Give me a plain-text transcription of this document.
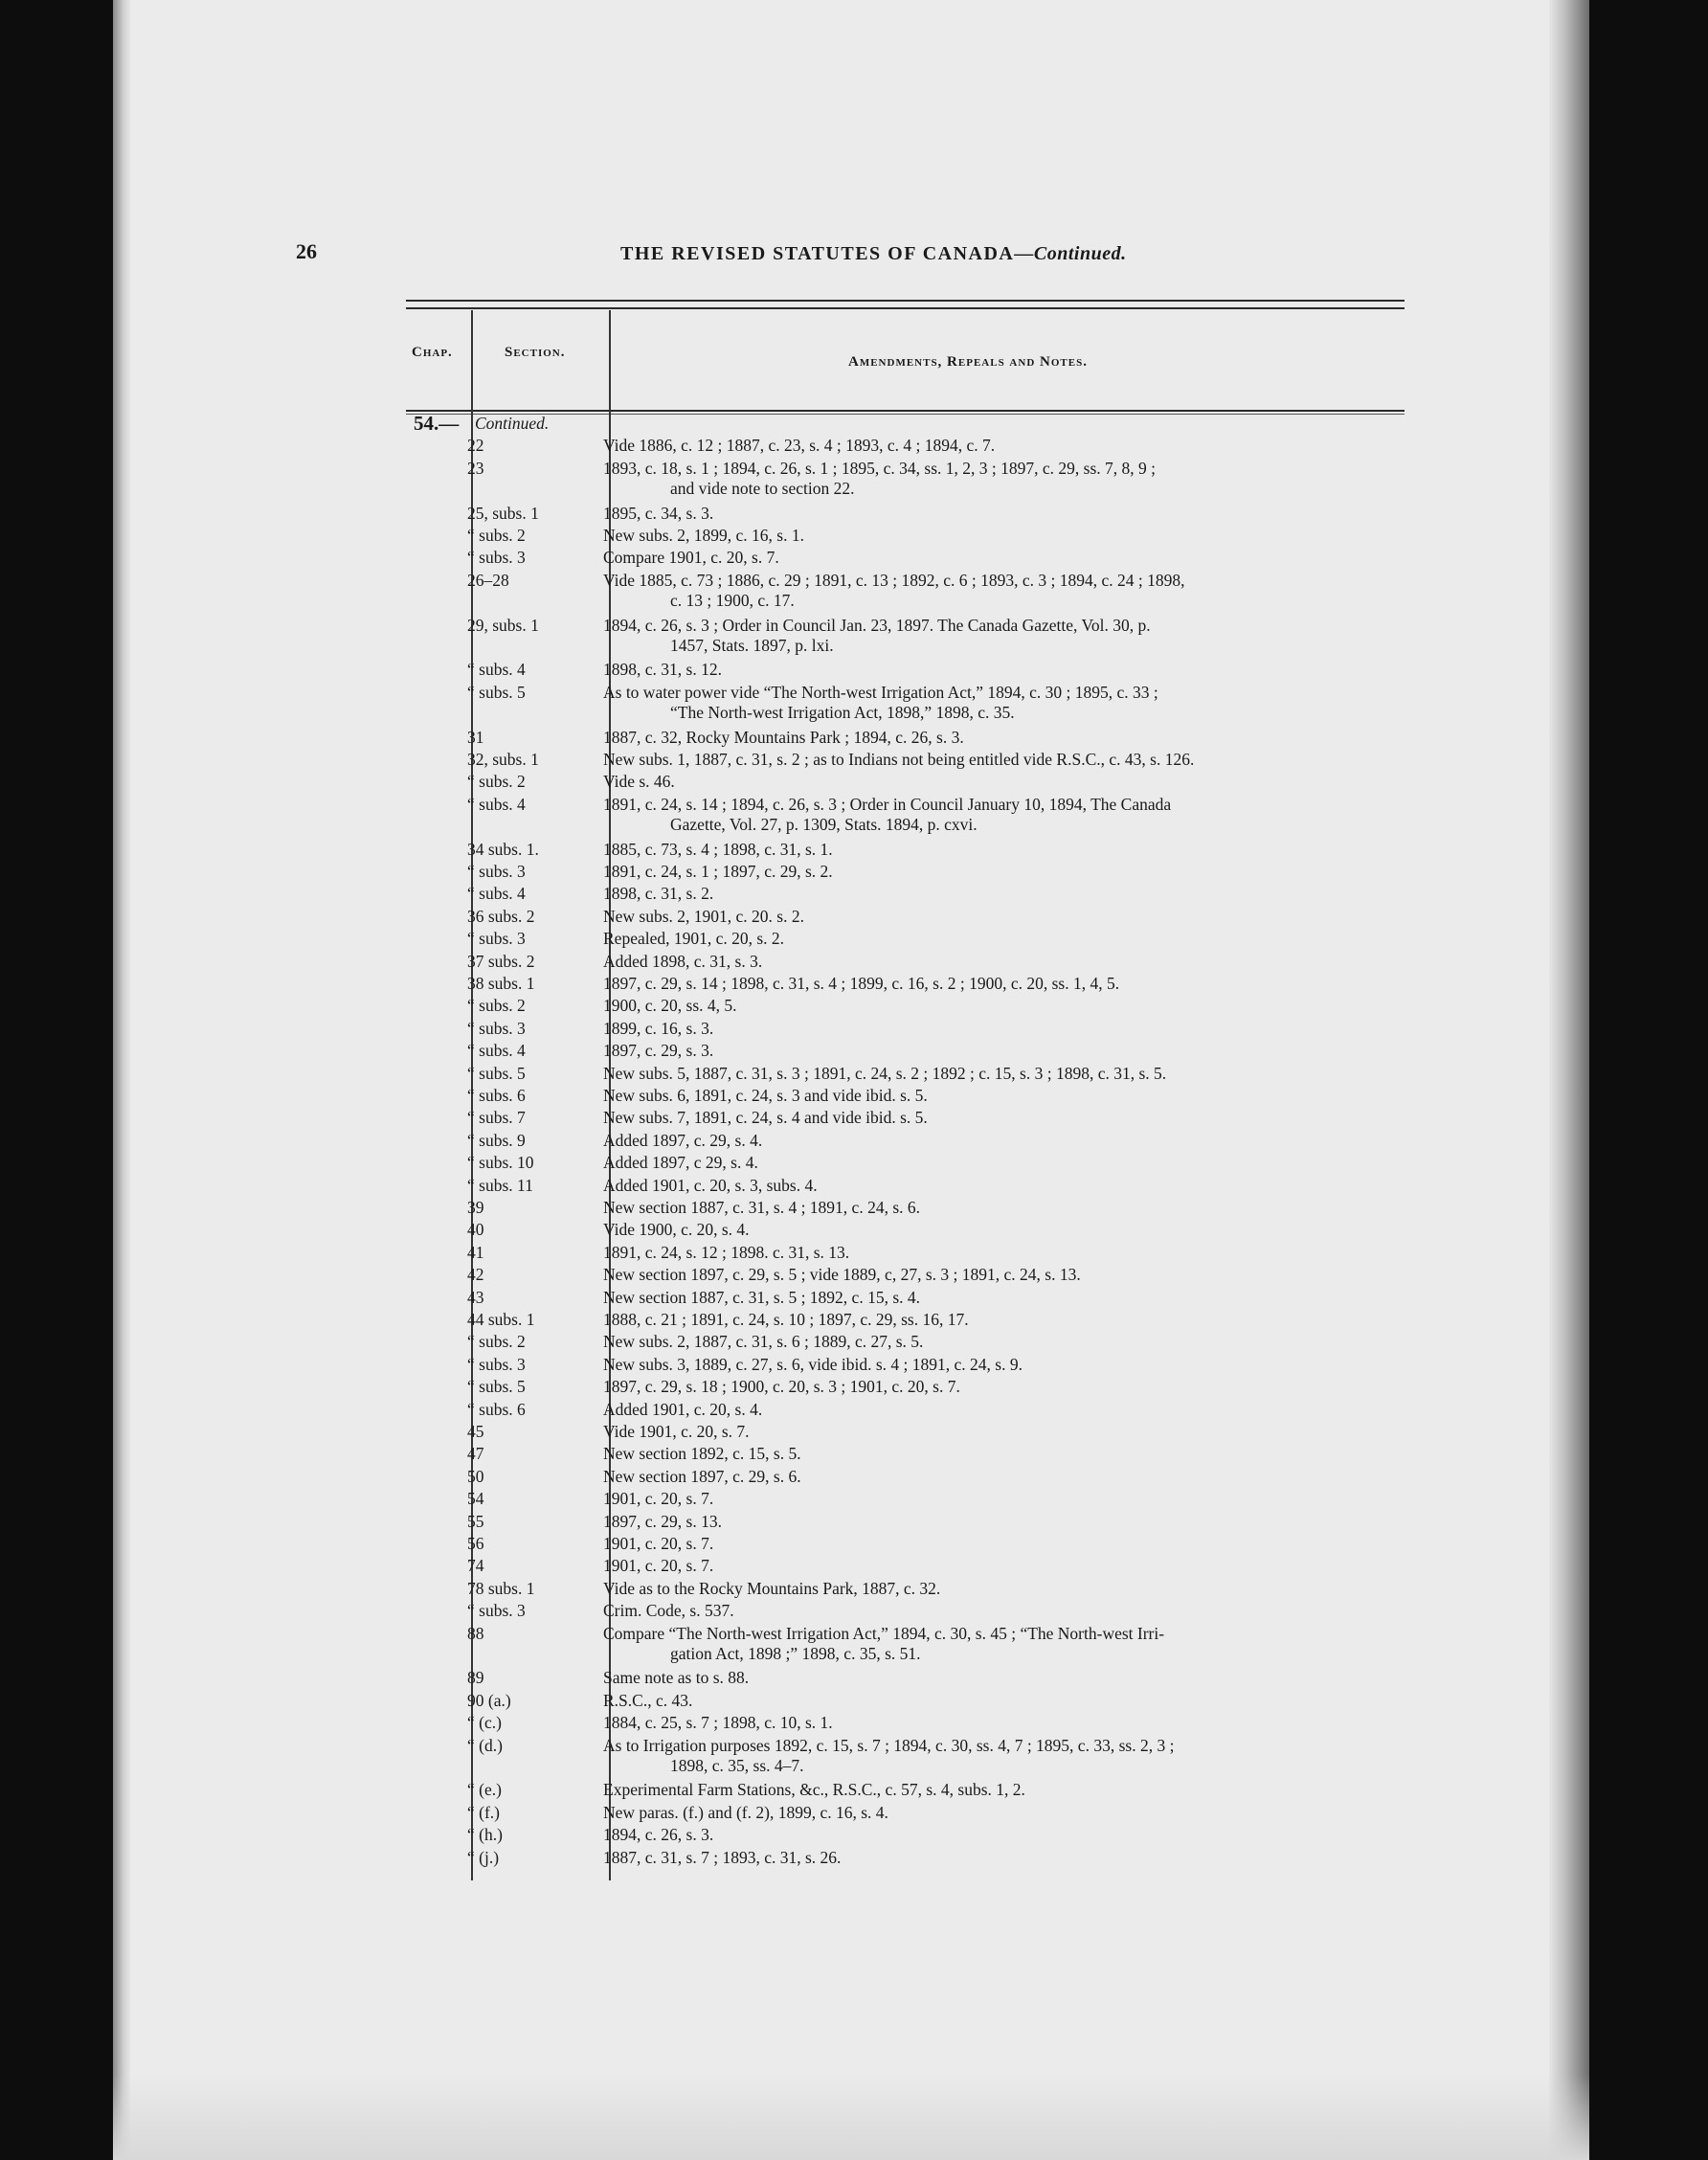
26	THE REVISED STATUTES OF CANADA—Continued.
Chap.	Section.
Amendments, Repeals and Notes.
54.— Continued.
22	Vide 1886, c. 12 ; 1887, c. 23, s. 4 ; 1893, c. 4 ; 1894, c. 7.
23	1893, c. 18, s. 1 ; 1894, c. 26, s. 1 ; 1895, c. 34, ss. 1, 2, 3 ; 1897, c. 29, ss. 7, 8, 9 ;
and vide note to section 22.
25, subs. 1	1895, c. 34, s. 3.
“ subs. 2	New subs. 2, 1899, c. 16, s. 1.
“ subs. 3	Compare 1901, c. 20, s. 7.
26–28	Vide 1885, c. 73 ; 1886, c. 29 ; 1891, c. 13 ; 1892, c. 6 ; 1893, c. 3 ; 1894, c. 24 ; 1898,
c. 13 ; 1900, c. 17.
29, subs. 1	1894, c. 26, s. 3 ; Order in Council Jan. 23, 1897. The Canada Gazette, Vol. 30, p.
1457, Stats. 1897, p. lxi.
“ subs. 4	1898, c. 31, s. 12.
“ subs. 5	As to water power vide “The North-west Irrigation Act,” 1894, c. 30 ; 1895, c. 33 ;
“The North-west Irrigation Act, 1898,” 1898, c. 35.
31	1887, c. 32, Rocky Mountains Park ; 1894, c. 26, s. 3.
32, subs. 1	New subs. 1, 1887, c. 31, s. 2 ; as to Indians not being entitled vide R.S.C., c. 43, s. 126.
“ subs. 2	Vide s. 46.
“ subs. 4	1891, c. 24, s. 14 ; 1894, c. 26, s. 3 ; Order in Council January 10, 1894, The Canada
Gazette, Vol. 27, p. 1309, Stats. 1894, p. cxvi.
34 subs. 1.	1885, c. 73, s. 4 ; 1898, c. 31, s. 1.
“ subs. 3	1891, c. 24, s. 1 ; 1897, c. 29, s. 2.
“ subs. 4	1898, c. 31, s. 2.
36 subs. 2	New subs. 2, 1901, c. 20. s. 2.
“ subs. 3	Repealed, 1901, c. 20, s. 2.
37 subs. 2	Added 1898, c. 31, s. 3.
38 subs. 1	1897, c. 29, s. 14 ; 1898, c. 31, s. 4 ; 1899, c. 16, s. 2 ; 1900, c. 20, ss. 1, 4, 5.
“ subs. 2	1900, c. 20, ss. 4, 5.
“ subs. 3	1899, c. 16, s. 3.
“ subs. 4	1897, c. 29, s. 3.
“ subs. 5	New subs. 5, 1887, c. 31, s. 3 ; 1891, c. 24, s. 2 ; 1892 ; c. 15, s. 3 ; 1898, c. 31, s. 5.
“ subs. 6	New subs. 6, 1891, c. 24, s. 3 and vide ibid. s. 5.
“ subs. 7	New subs. 7, 1891, c. 24, s. 4 and vide ibid. s. 5.
“ subs. 9	Added 1897, c. 29, s. 4.
“ subs. 10	Added 1897, c 29, s. 4.
“ subs. 11	Added 1901, c. 20, s. 3, subs. 4.
39	New section 1887, c. 31, s. 4 ; 1891, c. 24, s. 6.
40	Vide 1900, c. 20, s. 4.
41	1891, c. 24, s. 12 ; 1898. c. 31, s. 13.
42	New section 1897, c. 29, s. 5 ; vide 1889, c, 27, s. 3 ; 1891, c. 24, s. 13.
43	New section 1887, c. 31, s. 5 ; 1892, c. 15, s. 4.
44 subs. 1	1888, c. 21 ; 1891, c. 24, s. 10 ; 1897, c. 29, ss. 16, 17.
“ subs. 2	New subs. 2, 1887, c. 31, s. 6 ; 1889, c. 27, s. 5.
“ subs. 3	New subs. 3, 1889, c. 27, s. 6, vide ibid. s. 4 ; 1891, c. 24, s. 9.
“ subs. 5	1897, c. 29, s. 18 ; 1900, c. 20, s. 3 ; 1901, c. 20, s. 7.
“ subs. 6	Added 1901, c. 20, s. 4.
45	Vide 1901, c. 20, s. 7.
47	New section 1892, c. 15, s. 5.
50	New section 1897, c. 29, s. 6.
54	1901, c. 20, s. 7.
55	1897, c. 29, s. 13.
56	1901, c. 20, s. 7.
74	1901, c. 20, s. 7.
78 subs. 1	Vide as to the Rocky Mountains Park, 1887, c. 32.
“ subs. 3	Crim. Code, s. 537.
88	Compare “The North-west Irrigation Act,” 1894, c. 30, s. 45 ; “The North-west Irri-
gation Act, 1898 ;” 1898, c. 35, s. 51.
89	Same note as to s. 88.
90 (a.)	R.S.C., c. 43.
“ (c.)	1884, c. 25, s. 7 ; 1898, c. 10, s. 1.
“ (d.)	As to Irrigation purposes 1892, c. 15, s. 7 ; 1894, c. 30, ss. 4, 7 ; 1895, c. 33, ss. 2, 3 ;
1898, c. 35, ss. 4–7.
“ (e.)	Experimental Farm Stations, &c., R.S.C., c. 57, s. 4, subs. 1, 2.
“ (f.)	New paras. (f.) and (f. 2), 1899, c. 16, s. 4.
“ (h.)	1894, c. 26, s. 3.
“ (j.)	1887, c. 31, s. 7 ; 1893, c. 31, s. 26.
